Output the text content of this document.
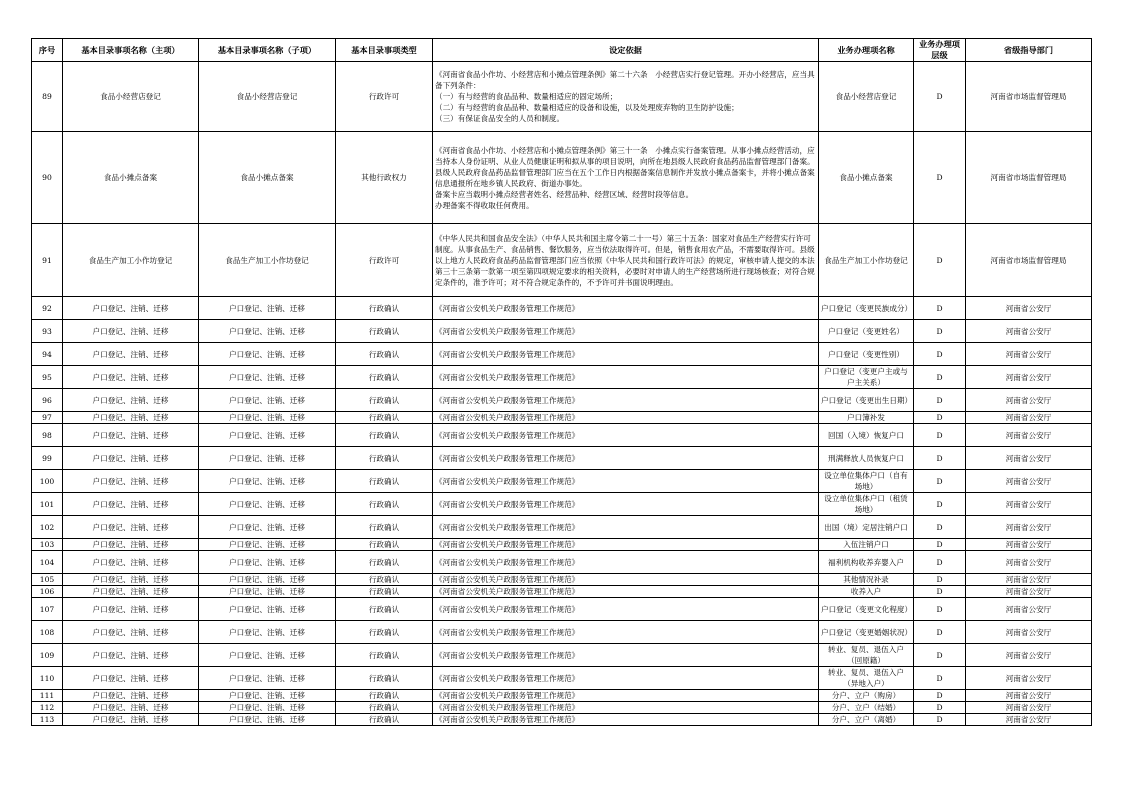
序号	基本目录事项名称（主项）	基本目录事项名称（子项）	基本目录事项类型	设定依据	业务办理项名称	业务办理项层级	省级指导部门
89	食品小经营店登记	食品小经营店登记	行政许可	《河南省食品小作坊、小经营店和小摊点管理条例》第二十六条　小经营店实行登记管理。开办小经营店，应当具备下列条件：
（一）有与经营的食品品种、数量相适应的固定场所；
（二）有与经营的食品品种、数量相适应的设备和设施，以及处理废弃物的卫生防护设施；
（三）有保证食品安全的人员和制度。	食品小经营店登记	D	河南省市场监督管理局
90	食品小摊点备案	食品小摊点备案	其他行政权力	《河南省食品小作坊、小经营店和小摊点管理条例》第三十一条　小摊点实行备案管理。从事小摊点经营活动，应当持本人身份证明、从业人员健康证明和拟从事的项目说明，向所在地县级人民政府食品药品监督管理部门备案。
县级人民政府食品药品监督管理部门应当在五个工作日内根据备案信息制作并发放小摊点备案卡，并将小摊点备案信息通报所在地乡镇人民政府、街道办事处。
备案卡应当载明小摊点经营者姓名、经营品种、经营区域、经营时段等信息。
办理备案不得收取任何费用。	食品小摊点备案	D	河南省市场监督管理局
91	食品生产加工小作坊登记	食品生产加工小作坊登记	行政许可	《中华人民共和国食品安全法》（中华人民共和国主席令第二十一号）第三十五条：国家对食品生产经营实行许可制度。从事食品生产、食品销售、餐饮服务，应当依法取得许可。但是，销售食用农产品，不需要取得许可。县级以上地方人民政府食品药品监督管理部门应当依照《中华人民共和国行政许可法》的规定，审核申请人提交的本法第三十三条第一款第一项至第四项规定要求的相关资料，必要时对申请人的生产经营场所进行现场核查；对符合规定条件的，准予许可；对不符合规定条件的，不予许可并书面说明理由。	食品生产加工小作坊登记	D	河南省市场监督管理局
92	户口登记、注销、迁移	户口登记、注销、迁移	行政确认	《河南省公安机关户政服务管理工作规范》	户口登记（变更民族成分）	D	河南省公安厅
93	户口登记、注销、迁移	户口登记、注销、迁移	行政确认	《河南省公安机关户政服务管理工作规范》	户口登记（变更姓名）	D	河南省公安厅
94	户口登记、注销、迁移	户口登记、注销、迁移	行政确认	《河南省公安机关户政服务管理工作规范》	户口登记（变更性别）	D	河南省公安厅
95	户口登记、注销、迁移	户口登记、注销、迁移	行政确认	《河南省公安机关户政服务管理工作规范》	户口登记（变更户主或与户主关系）	D	河南省公安厅
96	户口登记、注销、迁移	户口登记、注销、迁移	行政确认	《河南省公安机关户政服务管理工作规范》	户口登记（变更出生日期）	D	河南省公安厅
97	户口登记、注销、迁移	户口登记、注销、迁移	行政确认	《河南省公安机关户政服务管理工作规范》	户口簿补发	D	河南省公安厅
98	户口登记、注销、迁移	户口登记、注销、迁移	行政确认	《河南省公安机关户政服务管理工作规范》	回国（入境）恢复户口	D	河南省公安厅
99	户口登记、注销、迁移	户口登记、注销、迁移	行政确认	《河南省公安机关户政服务管理工作规范》	刑满释放人员恢复户口	D	河南省公安厅
100	户口登记、注销、迁移	户口登记、注销、迁移	行政确认	《河南省公安机关户政服务管理工作规范》	设立单位集体户口（自有场地）	D	河南省公安厅
101	户口登记、注销、迁移	户口登记、注销、迁移	行政确认	《河南省公安机关户政服务管理工作规范》	设立单位集体户口（租赁场地）	D	河南省公安厅
102	户口登记、注销、迁移	户口登记、注销、迁移	行政确认	《河南省公安机关户政服务管理工作规范》	出国（境）定居注销户口	D	河南省公安厅
103	户口登记、注销、迁移	户口登记、注销、迁移	行政确认	《河南省公安机关户政服务管理工作规范》	入伍注销户口	D	河南省公安厅
104	户口登记、注销、迁移	户口登记、注销、迁移	行政确认	《河南省公安机关户政服务管理工作规范》	福利机构收养弃婴入户	D	河南省公安厅
105	户口登记、注销、迁移	户口登记、注销、迁移	行政确认	《河南省公安机关户政服务管理工作规范》	其他情况补录	D	河南省公安厅
106	户口登记、注销、迁移	户口登记、注销、迁移	行政确认	《河南省公安机关户政服务管理工作规范》	收养入户	D	河南省公安厅
107	户口登记、注销、迁移	户口登记、注销、迁移	行政确认	《河南省公安机关户政服务管理工作规范》	户口登记（变更文化程度）	D	河南省公安厅
108	户口登记、注销、迁移	户口登记、注销、迁移	行政确认	《河南省公安机关户政服务管理工作规范》	户口登记（变更婚姻状况）	D	河南省公安厅
109	户口登记、注销、迁移	户口登记、注销、迁移	行政确认	《河南省公安机关户政服务管理工作规范》	转业、复员、退伍入户（回原籍）	D	河南省公安厅
110	户口登记、注销、迁移	户口登记、注销、迁移	行政确认	《河南省公安机关户政服务管理工作规范》	转业、复员、退伍入户（异地入户）	D	河南省公安厅
111	户口登记、注销、迁移	户口登记、注销、迁移	行政确认	《河南省公安机关户政服务管理工作规范》	分户、立户（购房）	D	河南省公安厅
112	户口登记、注销、迁移	户口登记、注销、迁移	行政确认	《河南省公安机关户政服务管理工作规范》	分户、立户（结婚）	D	河南省公安厅
113	户口登记、注销、迁移	户口登记、注销、迁移	行政确认	《河南省公安机关户政服务管理工作规范》	分户、立户（离婚）	D	河南省公安厅
